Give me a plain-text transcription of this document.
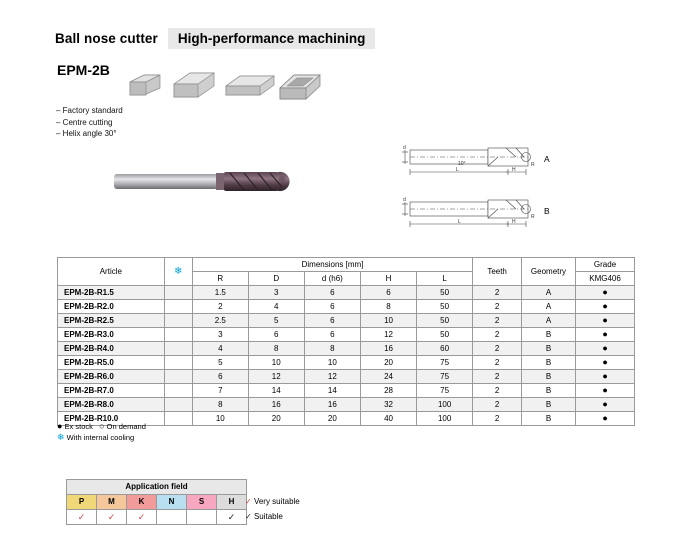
Ball nose cutter	High-performance machining
EPM-2B
– Factory standard
– Centre cutting
– Helix angle 30°
L	H
R
L	H
R
10°
d
d
A
B
Article	❄	Dimensions [mm]					Teeth	Geometry	Grade
		R	D	d (h6)	H	L			KMG406
EPM-2B-R1.5		1.5	3	6	6	50	2	A	●
EPM-2B-R2.0		2	4	6	8	50	2	A	●
EPM-2B-R2.5		2.5	5	6	10	50	2	A	●
EPM-2B-R3.0		3	6	6	12	50	2	B	●
EPM-2B-R4.0		4	8	8	16	60	2	B	●
EPM-2B-R5.0		5	10	10	20	75	2	B	●
EPM-2B-R6.0		6	12	12	24	75	2	B	●
EPM-2B-R7.0		7	14	14	28	75	2	B	●
EPM-2B-R8.0		8	16	16	32	100	2	B	●
EPM-2B-R10.0		10	20	20	40	100	2	B	●
● Ex stock ○ On demand
❄ With internal cooling
Application field					
P	M	K	N	S	H
✓	✓	✓			✓
✓ Very suitable
✓ Suitable
